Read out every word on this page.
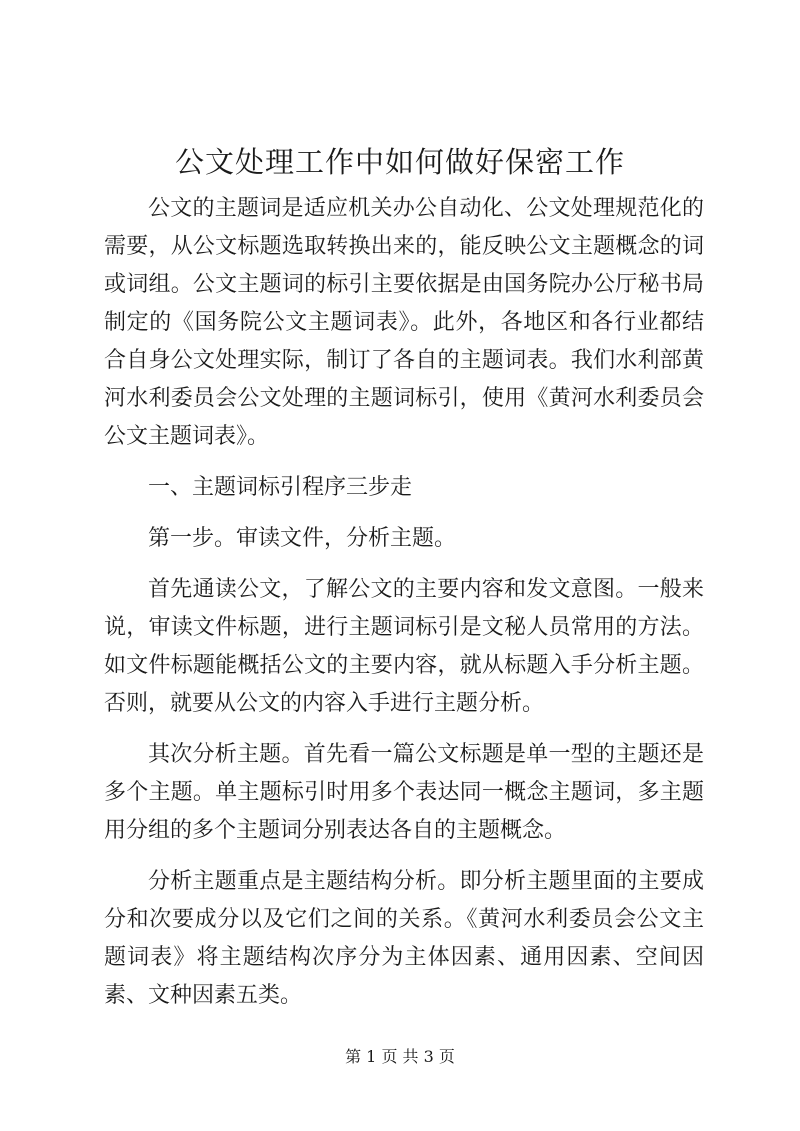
公文处理工作中如何做好保密工作

公文的主题词是适应机关办公自动化、公文处理规范化的需要，从公文标题选取转换出来的，能反映公文主题概念的词或词组。公文主题词的标引主要依据是由国务院办公厅秘书局制定的《国务院公文主题词表》。此外，各地区和各行业都结合自身公文处理实际，制订了各自的主题词表。我们水利部黄河水利委员会公文处理的主题词标引，使用《黄河水利委员会公文主题词表》。

一、主题词标引程序三步走

第一步。审读文件，分析主题。

首先通读公文，了解公文的主要内容和发文意图。一般来说，审读文件标题，进行主题词标引是文秘人员常用的方法。如文件标题能概括公文的主要内容，就从标题入手分析主题。否则，就要从公文的内容入手进行主题分析。

其次分析主题。首先看一篇公文标题是单一型的主题还是多个主题。单主题标引时用多个表达同一概念主题词，多主题用分组的多个主题词分别表达各自的主题概念。

分析主题重点是主题结构分析。即分析主题里面的主要成分和次要成分以及它们之间的关系。《黄河水利委员会公文主题词表》将主题结构次序分为主体因素、通用因素、空间因素、文种因素五类。

第 1 页 共 3 页
